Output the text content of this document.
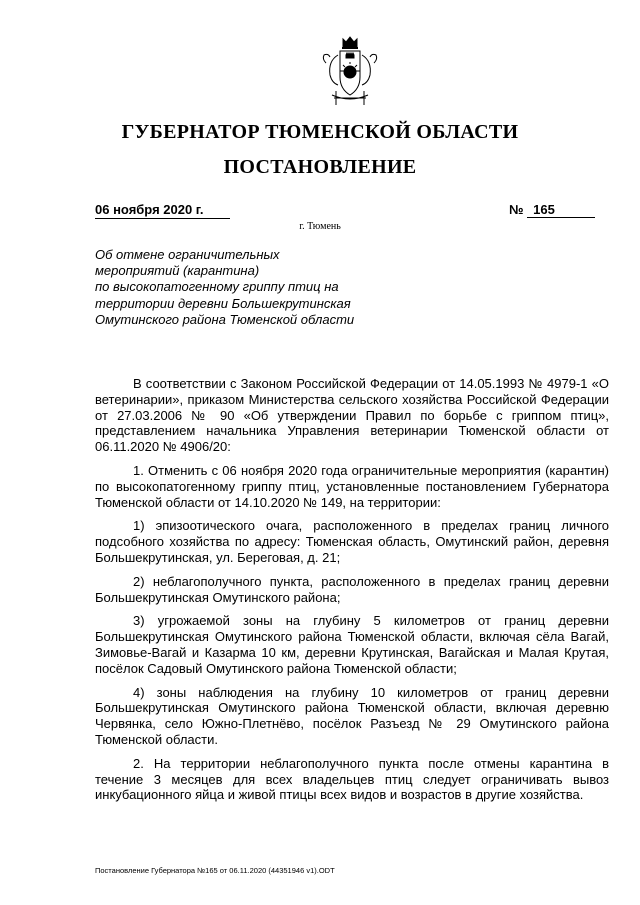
ГУБЕРНАТОР ТЮМЕНСКОЙ ОБЛАСТИ
ПОСТАНОВЛЕНИЕ
06 ноября 2020 г.	№ 165
г. Тюмень
Об отмене ограничительных
мероприятий (карантина)
по высокопатогенному гриппу птиц на
территории деревни Большекрутинская
Омутинского района Тюменской области

В соответствии с Законом Российской Федерации от 14.05.1993 № 4979-1 «О ветеринарии», приказом Министерства сельского хозяйства Российской Федерации от 27.03.2006 № 90 «Об утверждении Правил по борьбе с гриппом птиц», представлением начальника Управления ветеринарии Тюменской области от 06.11.2020 № 4906/20:

1. Отменить с 06 ноября 2020 года ограничительные мероприятия (карантин) по высокопатогенному гриппу птиц, установленные постановлением Губернатора Тюменской области от 14.10.2020 № 149, на территории:

1) эпизоотического очага, расположенного в пределах границ личного подсобного хозяйства по адресу: Тюменская область, Омутинский район, деревня Большекрутинская, ул. Береговая, д. 21;

2) неблагополучного пункта, расположенного в пределах границ деревни Большекрутинская Омутинского района;

3) угрожаемой зоны на глубину 5 километров от границ деревни Большекрутинская Омутинского района Тюменской области, включая сёла Вагай, Зимовье-Вагай и Казарма 10 км, деревни Крутинская, Вагайская и Малая Крутая, посёлок Садовый Омутинского района Тюменской области;

4) зоны наблюдения на глубину 10 километров от границ деревни Большекрутинская Омутинского района Тюменской области, включая деревню Червянка, село Южно-Плетнёво, посёлок Разъезд № 29 Омутинского района Тюменской области.

2. На территории неблагополучного пункта после отмены карантина в течение 3 месяцев для всех владельцев птиц следует ограничивать вывоз инкубационного яйца и живой птицы всех видов и возрастов в другие хозяйства.

Постановление Губернатора №165 от 06.11.2020 (44351946 v1).ODT
